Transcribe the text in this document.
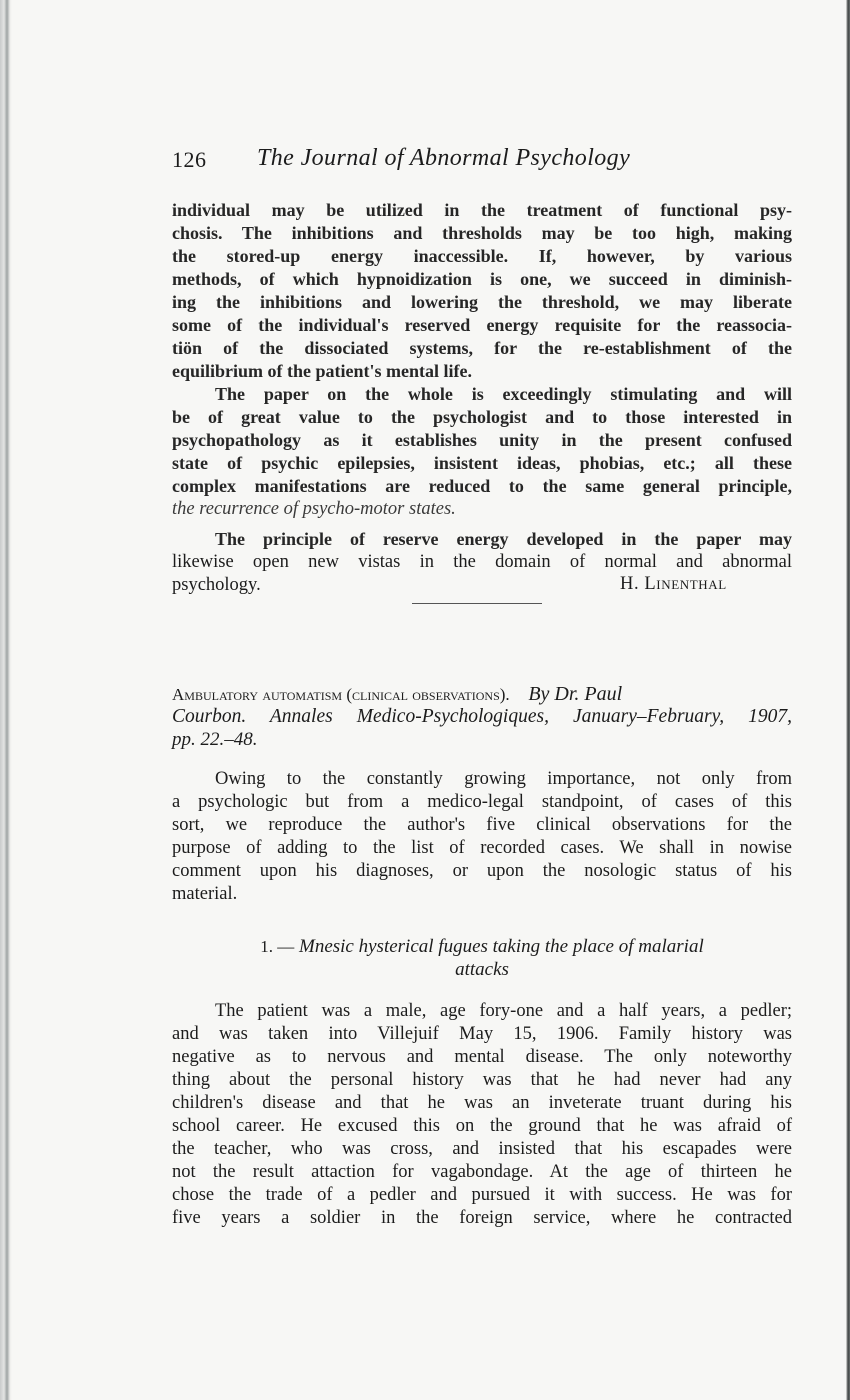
126 The Journal of Abnormal Psychology
individual may be utilized in the treatment of functional psy-
chosis. The inhibitions and thresholds may be too high, making
the stored-up energy inaccessible. If, however, by various
methods, of which hypnoidization is one, we succeed in diminish-
ing the inhibitions and lowering the threshold, we may liberate
some of the individual's reserved energy requisite for the reassocia-
tiön of the dissociated systems, for the re-establishment of the
equilibrium of the patient's mental life.
The paper on the whole is exceedingly stimulating and will
be of great value to the psychologist and to those interested in
psychopathology as it establishes unity in the present confused
state of psychic epilepsies, insistent ideas, phobias, etc.; all these
complex manifestations are reduced to the same general principle,
the recurrence of psycho-motor states.
The principle of reserve energy developed in the paper may
likewise open new vistas in the domain of normal and abnormal
psychology.	H. Linenthal
Ambulatory automatism (clinical observations). By Dr. Paul
Courbon. Annales Medico-Psychologiques, January–February, 1907,
pp. 22.–48.
Owing to the constantly growing importance, not only from
a psychologic but from a medico-legal standpoint, of cases of this
sort, we reproduce the author's five clinical observations for the
purpose of adding to the list of recorded cases. We shall in nowise
comment upon his diagnoses, or upon the nosologic status of his
material.
1. — Mnesic hysterical fugues taking the place of malarial
attacks
The patient was a male, age fory-one and a half years, a pedler;
and was taken into Villejuif May 15, 1906. Family history was
negative as to nervous and mental disease. The only noteworthy
thing about the personal history was that he had never had any
children's disease and that he was an inveterate truant during his
school career. He excused this on the ground that he was afraid of
the teacher, who was cross, and insisted that his escapades were
not the result attaction for vagabondage. At the age of thirteen he
chose the trade of a pedler and pursued it with success. He was for
five years a soldier in the foreign service, where he contracted
